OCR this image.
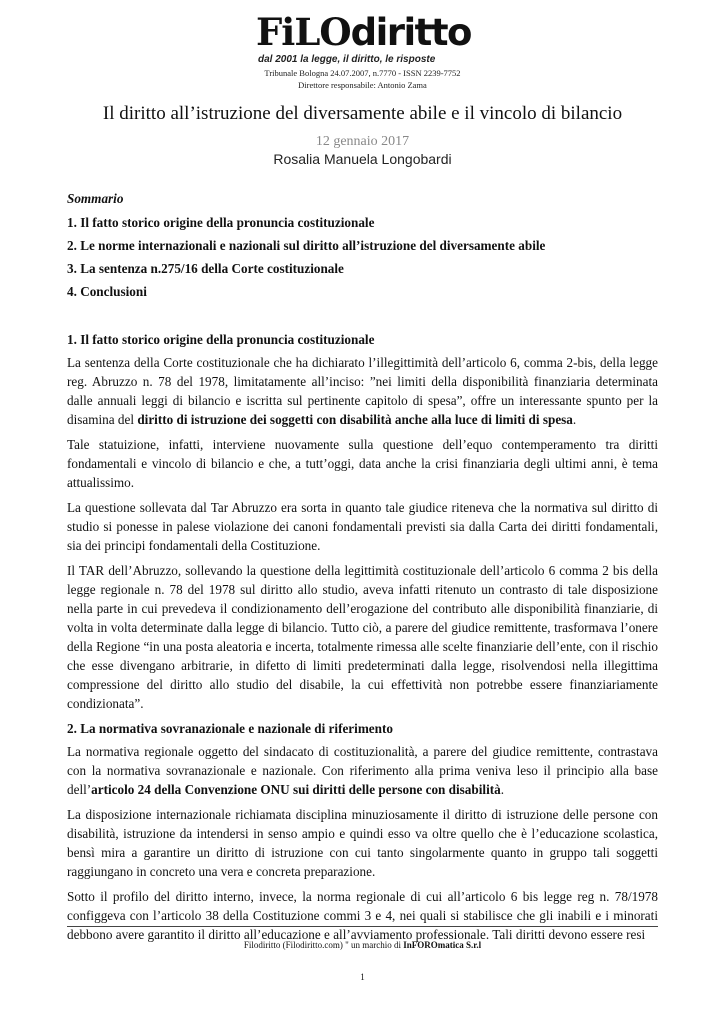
FiLOdiritto
dal 2001 la legge, il diritto, le risposte
Tribunale Bologna 24.07.2007, n.7770 - ISSN 2239-7752
Direttore responsabile: Antonio Zama
Il diritto all’istruzione del diversamente abile e il vincolo di bilancio
12 gennaio 2017
Rosalia Manuela Longobardi
Sommario
1. Il fatto storico origine della pronuncia costituzionale
2. Le norme internazionali e nazionali sul diritto all’istruzione del diversamente abile
3. La sentenza n.275/16 della Corte costituzionale
4. Conclusioni
1. Il fatto storico origine della pronuncia costituzionale

La sentenza della Corte costituzionale che ha dichiarato l’illegittimità dell’articolo 6, comma 2-bis, della legge reg. Abruzzo n. 78 del 1978, limitatamente all’inciso: ”nei limiti della disponibilità finanziaria determinata dalle annuali leggi di bilancio e iscritta sul pertinente capitolo di spesa”, offre un interessante spunto per la disamina del diritto di istruzione dei soggetti con disabilità anche alla luce di limiti di spesa.

Tale statuizione, infatti, interviene nuovamente sulla questione dell’equo contemperamento tra diritti fondamentali e vincolo di bilancio e che, a tutt’oggi, data anche la crisi finanziaria degli ultimi anni, è tema attualissimo.

La questione sollevata dal Tar Abruzzo era sorta in quanto tale giudice riteneva che la normativa sul diritto di studio si ponesse in palese violazione dei canoni fondamentali previsti sia dalla Carta dei diritti fondamentali, sia dei principi fondamentali della Costituzione.

Il TAR dell’Abruzzo, sollevando la questione della legittimità costituzionale dell’articolo 6 comma 2 bis della legge regionale n. 78 del 1978 sul diritto allo studio, aveva infatti ritenuto un contrasto di tale disposizione nella parte in cui prevedeva il condizionamento dell’erogazione del contributo alle disponibilità finanziarie, di volta in volta determinate dalla legge di bilancio. Tutto ciò, a parere del giudice remittente, trasformava l’onere della Regione “in una posta aleatoria e incerta, totalmente rimessa alle scelte finanziarie dell’ente, con il rischio che esse divengano arbitrarie, in difetto di limiti predeterminati dalla legge, risolvendosi nella illegittima compressione del diritto allo studio del disabile, la cui effettività non potrebbe essere finanziariamente condizionata”.

2. La normativa sovranazionale e nazionale di riferimento

La normativa regionale oggetto del sindacato di costituzionalità, a parere del giudice remittente, contrastava con la normativa sovranazionale e nazionale. Con riferimento alla prima veniva leso il principio alla base dell’articolo 24 della Convenzione ONU sui diritti delle persone con disabilità.

La disposizione internazionale richiamata disciplina minuziosamente il diritto di istruzione delle persone con disabilità, istruzione da intendersi in senso ampio e quindi esso va oltre quello che è l’educazione scolastica, bensì mira a garantire un diritto di istruzione con cui tanto singolarmente quanto in gruppo tali soggetti raggiungano in concreto una vera e concreta preparazione.

Sotto il profilo del diritto interno, invece, la norma regionale di cui all’articolo 6 bis legge reg n. 78/1978 configgeva con l’articolo 38 della Costituzione commi 3 e 4, nei quali si stabilisce che gli inabili e i minorati debbono avere garantito il diritto all’educazione e all’avviamento professionale. Tali diritti devono essere resi

Filodiritto (Filodiritto.com) " un marchio di InFOROmatica S.r.l
1
